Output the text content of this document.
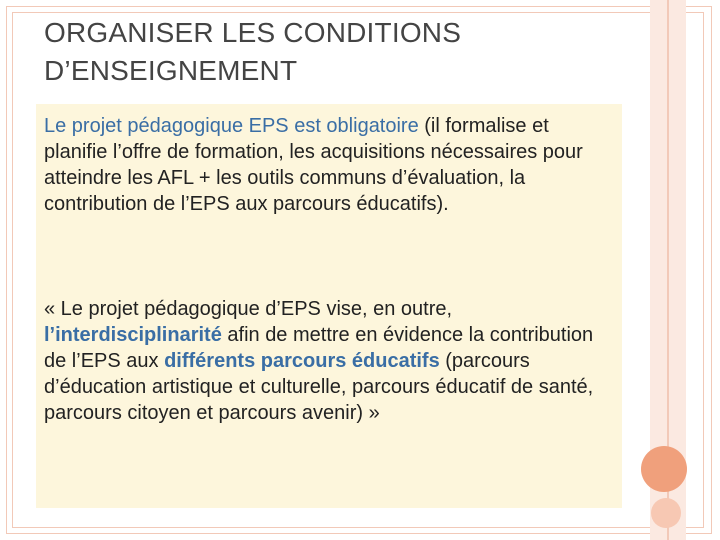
ORGANISER LES CONDITIONS D’ENSEIGNEMENT
Le projet pédagogique EPS est obligatoire (il formalise et planifie l’offre de formation, les acquisitions nécessaires pour atteindre les AFL + les outils communs d’évaluation, la contribution de l’EPS aux parcours éducatifs).
« Le projet pédagogique d’EPS vise, en outre, l’interdisciplinarité afin de mettre en évidence la contribution de l’EPS aux différents parcours éducatifs (parcours d’éducation artistique et culturelle, parcours éducatif de santé, parcours citoyen et parcours avenir) »
